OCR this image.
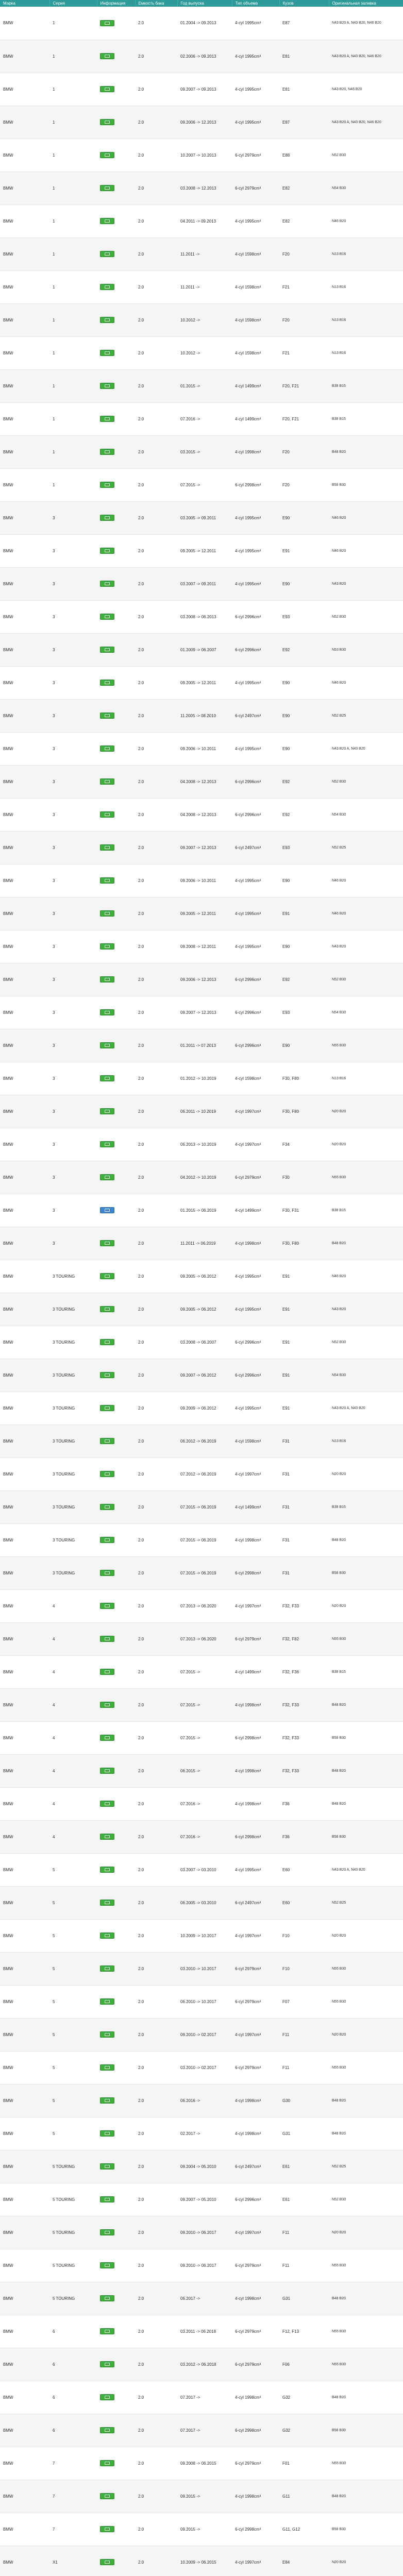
Марка	Серия	Информация	Емкость бака	Год выпуска	Тип объема	Кузов	Оригинальная заливка
BMW	1		2.0	01.2004 -> 09.2013	4-cyl 1995cm³	E87	N43 B20 A, N43 B20, N46 B20
BMW	1		2.0	02.2006 -> 09.2013	4-cyl 1995cm³	E81	N43 B20 A, N43 B20, N46 B20
BMW	1		2.0	09.2007 -> 09.2013	4-cyl 1995cm³	E81	N43 B20, N46 B20
BMW	1		2.0	09.2006 -> 12.2013	4-cyl 1995cm³	E87	N43 B20 A, N43 B20, N46 B20
BMW	1		2.0	10.2007 -> 10.2013	6-cyl 2979cm³	E88	N52 B30
BMW	1		2.0	03.2008 -> 12.2013	6-cyl 2979cm³	E82	N54 B30
BMW	1		2.0	04.2011 -> 09.2013	4-cyl 1995cm³	E82	N46 B20
BMW	1		2.0	11.2011 ->	4-cyl 1598cm³	F20	N13 B16
BMW	1		2.0	11.2011 ->	4-cyl 1598cm³	F21	N13 B16
BMW	1		2.0	10.2012 ->	4-cyl 1598cm³	F20	N13 B16
BMW	1		2.0	10.2012 ->	4-cyl 1598cm³	F21	N13 B16
BMW	1		2.0	01.2015 ->	4-cyl 1499cm³	F20, F21	B38 B15
BMW	1		2.0	07.2016 ->	4-cyl 1499cm³	F20, F21	B38 B15
BMW	1		2.0	03.2015 ->	4-cyl 1998cm³	F20	B48 B20
BMW	1		2.0	07.2015 ->	6-cyl 2998cm³	F20	B58 B30
BMW	3		2.0	03.2005 -> 09.2011	4-cyl 1995cm³	E90	N46 B20
BMW	3		2.0	09.2005 -> 12.2011	4-cyl 1995cm³	E91	N46 B20
BMW	3		2.0	03.2007 -> 09.2011	4-cyl 1995cm³	E90	N43 B20
BMW	3		2.0	03.2008 -> 06.2013	6-cyl 2996cm³	E93	N52 B30
BMW	3		2.0	01.2009 -> 06.2007	6-cyl 2996cm³	E92	N53 B30
BMW	3		2.0	09.2005 -> 12.2011	4-cyl 1995cm³	E90	N46 B20
BMW	3		2.0	11.2005 -> 08.2010	6-cyl 2497cm³	E90	N52 B25
BMW	3		2.0	09.2006 -> 10.2011	4-cyl 1995cm³	E90	N43 B20 A, N43 B20
BMW	3		2.0	04.2008 -> 12.2013	6-cyl 2996cm³	E92	N52 B30
BMW	3		2.0	04.2008 -> 12.2013	6-cyl 2996cm³	E92	N54 B30
BMW	3		2.0	09.2007 -> 12.2013	6-cyl 2497cm³	E93	N52 B25
BMW	3		2.0	09.2006 -> 10.2011	4-cyl 1995cm³	E90	N46 B20
BMW	3		2.0	09.2005 -> 12.2011	4-cyl 1995cm³	E91	N46 B20
BMW	3		2.0	09.2008 -> 12.2011	4-cyl 1995cm³	E90	N43 B20
BMW	3		2.0	09.2006 -> 12.2013	6-cyl 2996cm³	E92	N52 B30
BMW	3		2.0	09.2007 -> 12.2013	6-cyl 2996cm³	E93	N54 B30
BMW	3		2.0	01.2011 -> 07.2013	6-cyl 2996cm³	E90	N55 B30
BMW	3		2.0	01.2012 -> 10.2019	4-cyl 1598cm³	F30, F80	N13 B16
BMW	3		2.0	06.2011 -> 10.2019	4-cyl 1997cm³	F30, F80	N20 B20
BMW	3		2.0	06.2013 -> 10.2019	4-cyl 1997cm³	F34	N20 B20
BMW	3		2.0	04.2012 -> 10.2019	6-cyl 2979cm³	F30	N55 B30
BMW	3		2.0	01.2015 -> 06.2019	4-cyl 1499cm³	F30, F31	B38 B15
BMW	3		2.0	11.2011 -> 06.2019	4-cyl 1998cm³	F30, F80	B48 B20
BMW	3 TOURING		2.0	09.2005 -> 06.2012	4-cyl 1995cm³	E91	N46 B20
BMW	3 TOURING		2.0	09.2005 -> 06.2012	4-cyl 1995cm³	E91	N43 B20
BMW	3 TOURING		2.0	03.2008 -> 06.2007	6-cyl 2996cm³	E91	N52 B30
BMW	3 TOURING		2.0	09.2007 -> 06.2012	6-cyl 2996cm³	E91	N54 B30
BMW	3 TOURING		2.0	09.2009 -> 06.2012	4-cyl 1995cm³	E91	N43 B20 A, N43 B20
BMW	3 TOURING		2.0	06.2012 -> 06.2019	4-cyl 1598cm³	F31	N13 B16
BMW	3 TOURING		2.0	07.2012 -> 06.2019	4-cyl 1997cm³	F31	N20 B20
BMW	3 TOURING		2.0	07.2015 -> 06.2019	4-cyl 1499cm³	F31	B38 B15
BMW	3 TOURING		2.0	07.2015 -> 06.2019	4-cyl 1998cm³	F31	B48 B20
BMW	3 TOURING		2.0	07.2015 -> 06.2019	6-cyl 2998cm³	F31	B58 B30
BMW	4		2.0	07.2013 -> 06.2020	4-cyl 1997cm³	F32, F33	N20 B20
BMW	4		2.0	07.2013 -> 06.2020	6-cyl 2979cm³	F32, F82	N55 B30
BMW	4		2.0	07.2015 ->	4-cyl 1499cm³	F32, F36	B38 B15
BMW	4		2.0	07.2015 ->	4-cyl 1998cm³	F32, F33	B48 B20
BMW	4		2.0	07.2015 ->	6-cyl 2998cm³	F32, F33	B58 B30
BMW	4		2.0	06.2015 ->	4-cyl 1998cm³	F32, F33	B48 B20
BMW	4		2.0	07.2016 ->	4-cyl 1998cm³	F36	B48 B20
BMW	4		2.0	07.2016 ->	6-cyl 2998cm³	F36	B58 B30
BMW	5		2.0	03.2007 -> 03.2010	4-cyl 1995cm³	E60	N43 B20 A, N43 B20
BMW	5		2.0	06.2005 -> 03.2010	6-cyl 2497cm³	E60	N52 B25
BMW	5		2.0	10.2009 -> 10.2017	4-cyl 1997cm³	F10	N20 B20
BMW	5		2.0	03.2010 -> 10.2017	6-cyl 2979cm³	F10	N55 B30
BMW	5		2.0	06.2010 -> 10.2017	6-cyl 2979cm³	F07	N55 B30
BMW	5		2.0	09.2010 -> 02.2017	4-cyl 1997cm³	F11	N20 B20
BMW	5		2.0	03.2010 -> 02.2017	6-cyl 2979cm³	F11	N55 B30
BMW	5		2.0	06.2016 ->	4-cyl 1998cm³	G30	B48 B20
BMW	5		2.0	02.2017 ->	4-cyl 1998cm³	G31	B48 B20
BMW	5 TOURING		2.0	09.2004 -> 05.2010	6-cyl 2497cm³	E61	N52 B25
BMW	5 TOURING		2.0	09.2007 -> 05.2010	6-cyl 2996cm³	E61	N52 B30
BMW	5 TOURING		2.0	09.2010 -> 06.2017	4-cyl 1997cm³	F11	N20 B20
BMW	5 TOURING		2.0	09.2010 -> 06.2017	6-cyl 2979cm³	F11	N55 B30
BMW	5 TOURING		2.0	06.2017 ->	4-cyl 1998cm³	G31	B48 B20
BMW	6		2.0	03.2011 -> 06.2018	6-cyl 2979cm³	F12, F13	N55 B30
BMW	6		2.0	03.2012 -> 06.2018	6-cyl 2979cm³	F06	N55 B30
BMW	6		2.0	07.2017 ->	4-cyl 1998cm³	G32	B48 B20
BMW	6		2.0	07.2017 ->	6-cyl 2998cm³	G32	B58 B30
BMW	7		2.0	09.2008 -> 06.2015	6-cyl 2979cm³	F01	N55 B30
BMW	7		2.0	09.2015 ->	4-cyl 1998cm³	G11	B48 B20
BMW	7		2.0	09.2015 ->	6-cyl 2998cm³	G11, G12	B58 B30
BMW	X1		2.0	10.2009 -> 06.2015	4-cyl 1997cm³	E84	N20 B20
